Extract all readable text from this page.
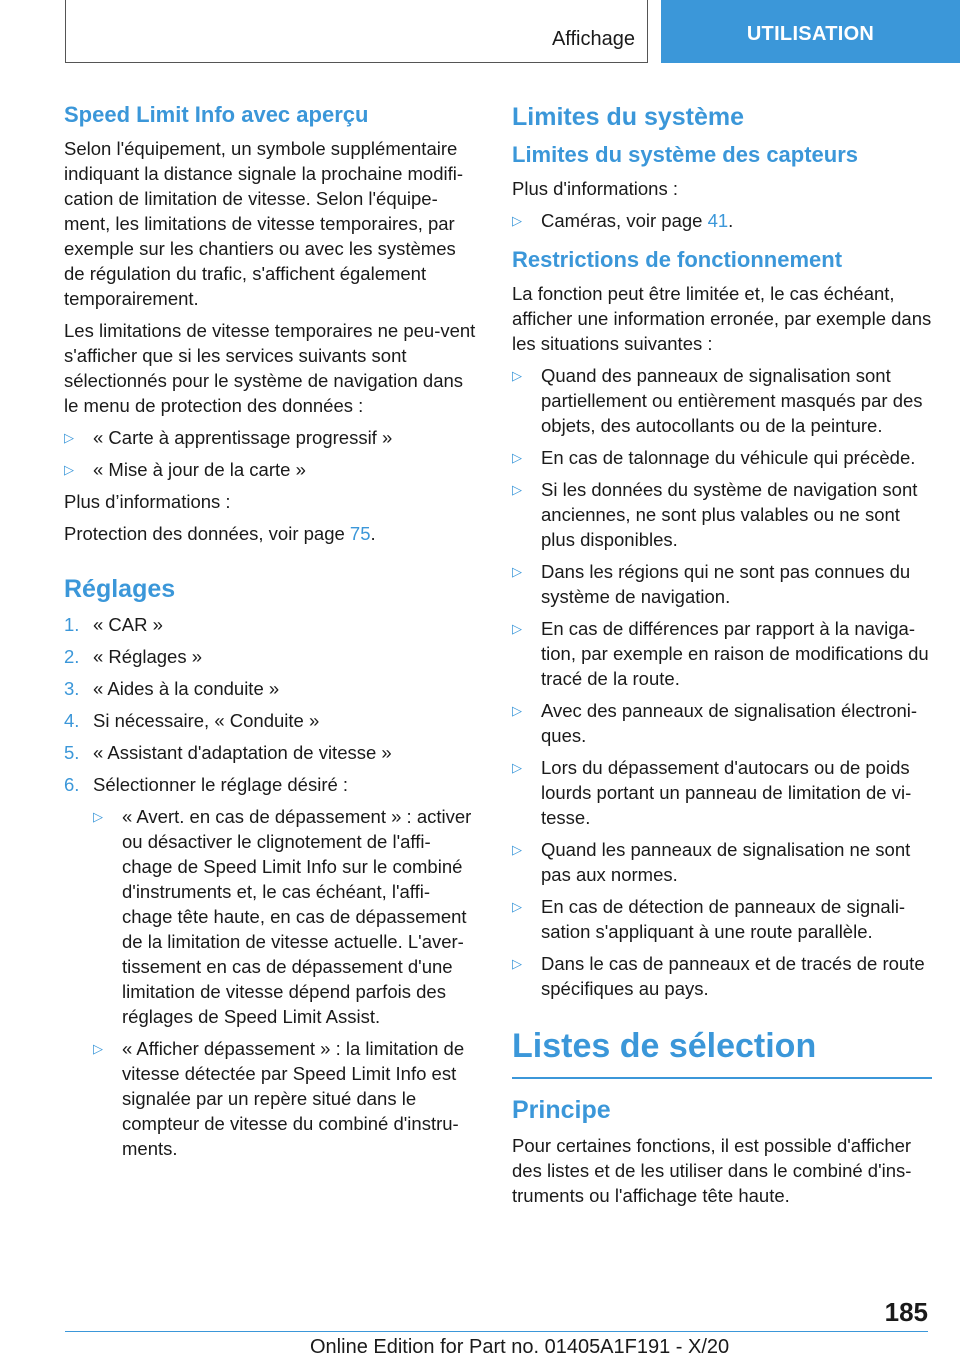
Affichage	UTILISATION
Speed Limit Info avec aperçu

Selon l'équipement, un symbole supplémentaire indiquant la distance signale la prochaine modifi-cation de limitation de vitesse. Selon l'équipe-ment, les limitations de vitesse temporaires, par exemple sur les chantiers ou avec les systèmes de régulation du trafic, s'affichent également temporairement.

Les limitations de vitesse temporaires ne peu-vent s'afficher que si les services suivants sont sélectionnés pour le système de navigation dans le menu de protection des données :

▷	« Carte à apprentissage progressif »
▷	« Mise à jour de la carte »

Plus d’informations :

Protection des données, voir page 75.

Réglages
1. « CAR »
2. « Réglages »
3. « Aides à la conduite »
4. Si nécessaire, « Conduite »
5. « Assistant d'adaptation de vitesse »
6. Sélectionner le réglage désiré :
▷	« Avert. en cas de dépassement » : activer ou désactiver le clignotement de l'affi-chage de Speed Limit Info sur le combiné d'instruments et, le cas échéant, l'affi-chage tête haute, en cas de dépassement de la limitation de vitesse actuelle. L'aver-tissement en cas de dépassement d'une limitation de vitesse dépend parfois des réglages de Speed Limit Assist.
▷	« Afficher dépassement » : la limitation de vitesse détectée par Speed Limit Info est signalée par un repère situé dans le compteur de vitesse du combiné d'instru-ments.
Limites du système
Limites du système des capteurs

Plus d'informations :

▷	Caméras, voir page 41.
Restrictions de fonctionnement

La fonction peut être limitée et, le cas échéant, afficher une information erronée, par exemple dans les situations suivantes :

▷	Quand des panneaux de signalisation sont partiellement ou entièrement masqués par des objets, des autocollants ou de la peinture.
▷	En cas de talonnage du véhicule qui précède.
▷	Si les données du système de navigation sont anciennes, ne sont plus valables ou ne sont plus disponibles.
▷	Dans les régions qui ne sont pas connues du système de navigation.
▷	En cas de différences par rapport à la naviga-tion, par exemple en raison de modifications du tracé de la route.
▷	Avec des panneaux de signalisation électroni-ques.
▷	Lors du dépassement d'autocars ou de poids lourds portant un panneau de limitation de vi-tesse.
▷	Quand les panneaux de signalisation ne sont pas aux normes.
▷	En cas de détection de panneaux de signali-sation s'appliquant à une route parallèle.
▷	Dans le cas de panneaux et de tracés de route spécifiques au pays.
Listes de sélection
Principe

Pour certaines fonctions, il est possible d'afficher des listes et de les utiliser dans le combiné d'ins-truments ou l'affichage tête haute.

185
Online Edition for Part no. 01405A1F191 - X/20
